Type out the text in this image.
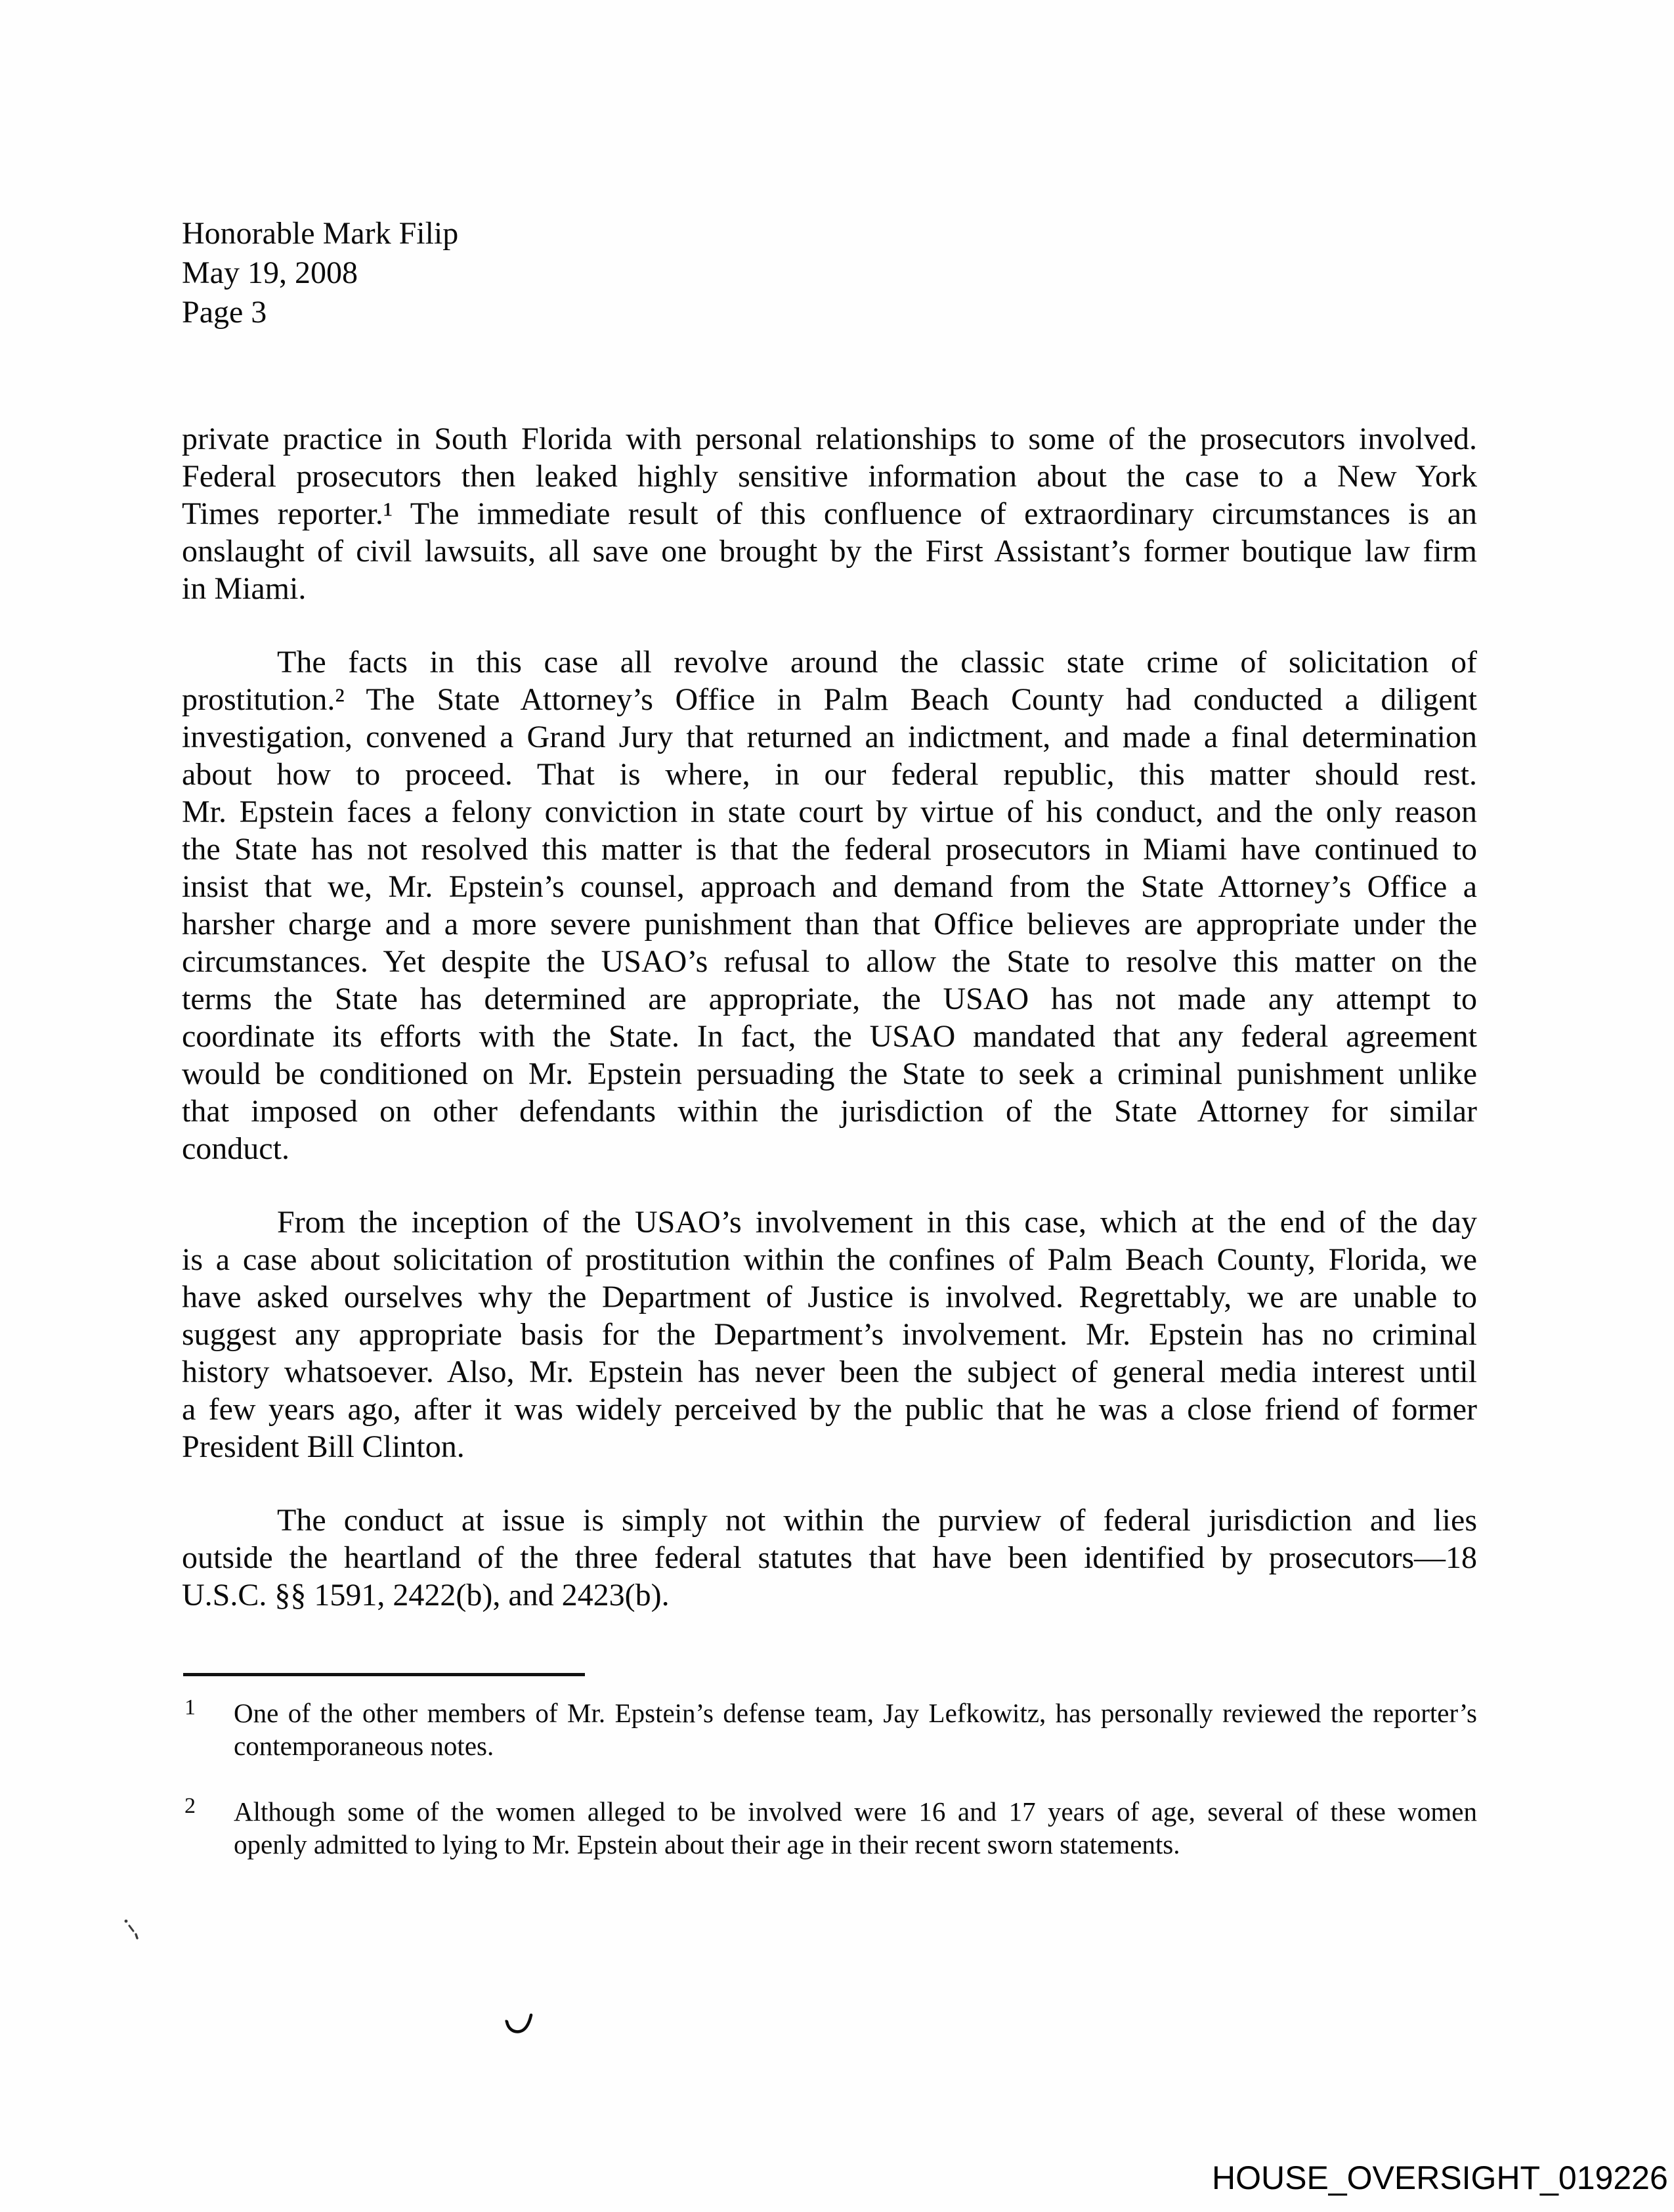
Honorable Mark Filip
May 19, 2008
Page 3
private practice in South Florida with personal relationships to some of the prosecutors involved.
Federal prosecutors then leaked highly sensitive information about the case to a New York
Times reporter.¹ The immediate result of this confluence of extraordinary circumstances is an
onslaught of civil lawsuits, all save one brought by the First Assistant’s former boutique law firm
in Miami.
The facts in this case all revolve around the classic state crime of solicitation of
prostitution.² The State Attorney’s Office in Palm Beach County had conducted a diligent
investigation, convened a Grand Jury that returned an indictment, and made a final determination
about how to proceed. That is where, in our federal republic, this matter should rest.
Mr. Epstein faces a felony conviction in state court by virtue of his conduct, and the only reason
the State has not resolved this matter is that the federal prosecutors in Miami have continued to
insist that we, Mr. Epstein’s counsel, approach and demand from the State Attorney’s Office a
harsher charge and a more severe punishment than that Office believes are appropriate under the
circumstances. Yet despite the USAO’s refusal to allow the State to resolve this matter on the
terms the State has determined are appropriate, the USAO has not made any attempt to
coordinate its efforts with the State. In fact, the USAO mandated that any federal agreement
would be conditioned on Mr. Epstein persuading the State to seek a criminal punishment unlike
that imposed on other defendants within the jurisdiction of the State Attorney for similar
conduct.
From the inception of the USAO’s involvement in this case, which at the end of the day
is a case about solicitation of prostitution within the confines of Palm Beach County, Florida, we
have asked ourselves why the Department of Justice is involved. Regrettably, we are unable to
suggest any appropriate basis for the Department’s involvement. Mr. Epstein has no criminal
history whatsoever. Also, Mr. Epstein has never been the subject of general media interest until
a few years ago, after it was widely perceived by the public that he was a close friend of former
President Bill Clinton.
The conduct at issue is simply not within the purview of federal jurisdiction and lies
outside the heartland of the three federal statutes that have been identified by prosecutors—18
U.S.C. §§ 1591, 2422(b), and 2423(b).
1 One of the other members of Mr. Epstein’s defense team, Jay Lefkowitz, has personally reviewed the reporter’s
contemporaneous notes.
2 Although some of the women alleged to be involved were 16 and 17 years of age, several of these women
openly admitted to lying to Mr. Epstein about their age in their recent sworn statements.
HOUSE_OVERSIGHT_019226
